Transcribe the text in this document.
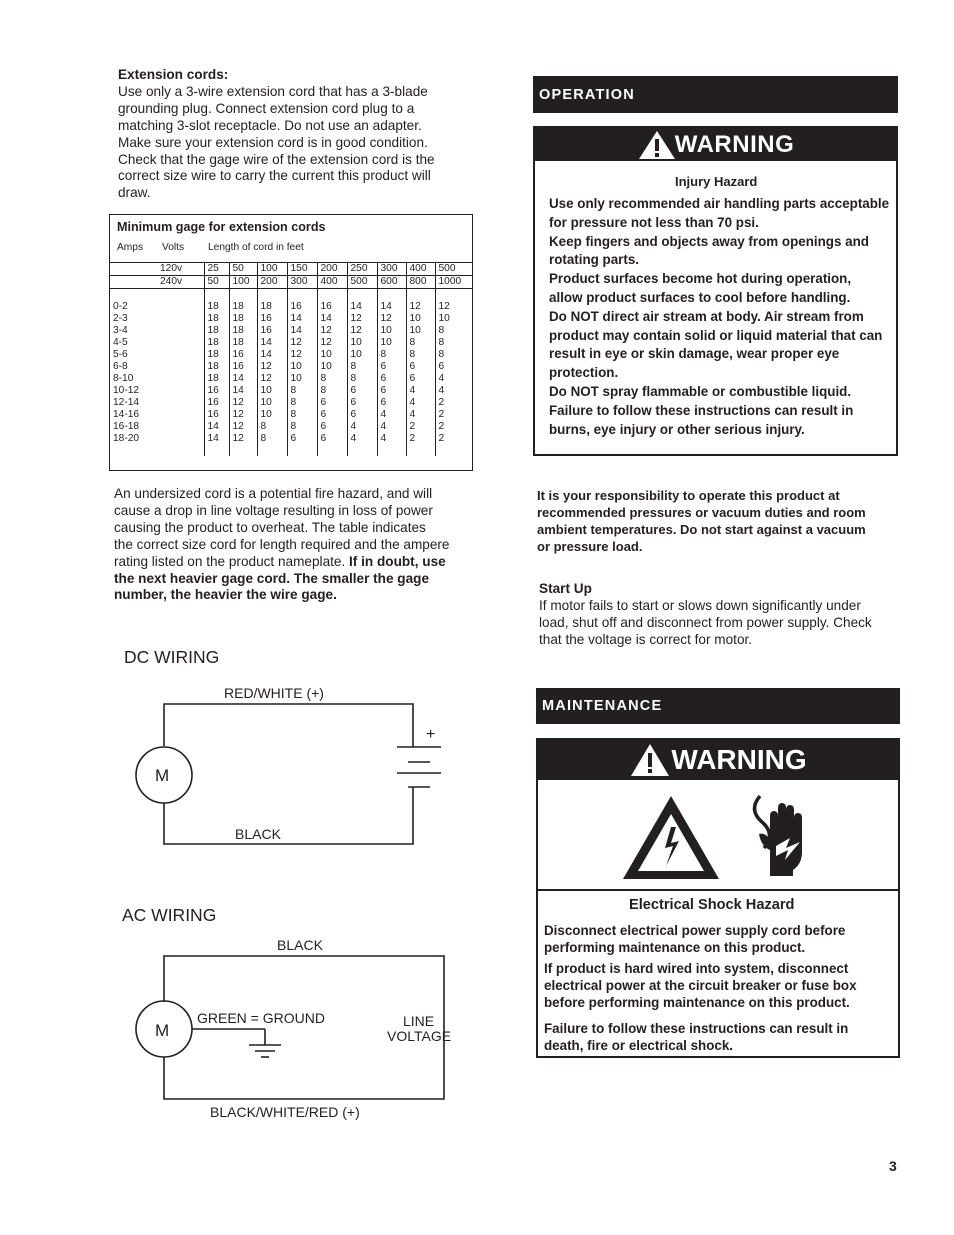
Extension cords:
Use only a 3-wire extension cord that has a 3-blade
grounding plug. Connect extension cord plug to a
matching 3-slot receptacle. Do not use an adapter.
Make sure your extension cord is in good condition.
Check that the gage wire of the extension cord is the
correct size wire to carry the current this product will
draw.
Minimum gage for extension cords
Amps Volts Length of cord in feet
	120v	25	50	100	150	200	250	300	400	500
	240v	50	100	200	300	400	500	600	800	1000

0-2		18	18	18	16	16	14	14	12	12
2-3		18	18	16	14	14	12	12	10	10
3-4		18	18	16	14	12	12	10	10	8
4-5		18	18	14	12	12	10	10	8	8
5-6		18	16	14	12	10	10	8	8	8
6-8		18	16	12	10	10	8	6	6	6
8-10		18	14	12	10	8	8	6	6	4
10-12		16	14	10	8	8	6	6	4	4
12-14		16	12	10	8	6	6	6	4	2
14-16		16	12	10	8	6	6	4	4	2
16-18		14	12	8	8	6	4	4	2	2
18-20		14	12	8	6	6	4	4	2	2

An undersized cord is a potential fire hazard, and will
cause a drop in line voltage resulting in loss of power
causing the product to overheat. The table indicates
the correct size cord for length required and the ampere
rating listed on the product nameplate. If in doubt, use
the next heavier gage cord. The smaller the gage
number, the heavier the wire gage.
DC WIRING
RED/WHITE (+)
+
M
BLACK
AC WIRING
BLACK
M
GREEN = GROUND	LINE
VOLTAGE
BLACK/WHITE/RED (+)
OPERATION
WARNING
Injury Hazard
Use only recommended air handling parts acceptable
for pressure not less than 70 psi.
Keep fingers and objects away from openings and
rotating parts.
Product surfaces become hot during operation,
allow product surfaces to cool before handling.
Do NOT direct air stream at body. Air stream from
product may contain solid or liquid material that can
result in eye or skin damage, wear proper eye
protection.
Do NOT spray flammable or combustible liquid.
Failure to follow these instructions can result in
burns, eye injury or other serious injury.
It is your responsibility to operate this product at
recommended pressures or vacuum duties and room
ambient temperatures. Do not start against a vacuum
or pressure load.
Start Up
If motor fails to start or slows down significantly under
load, shut off and disconnect from power supply. Check
that the voltage is correct for motor.
MAINTENANCE
WARNING
Electrical Shock Hazard
Disconnect electrical power supply cord before
performing maintenance on this product.
If product is hard wired into system, disconnect
electrical power at the circuit breaker or fuse box
before performing maintenance on this product.
Failure to follow these instructions can result in
death, fire or electrical shock.
3
